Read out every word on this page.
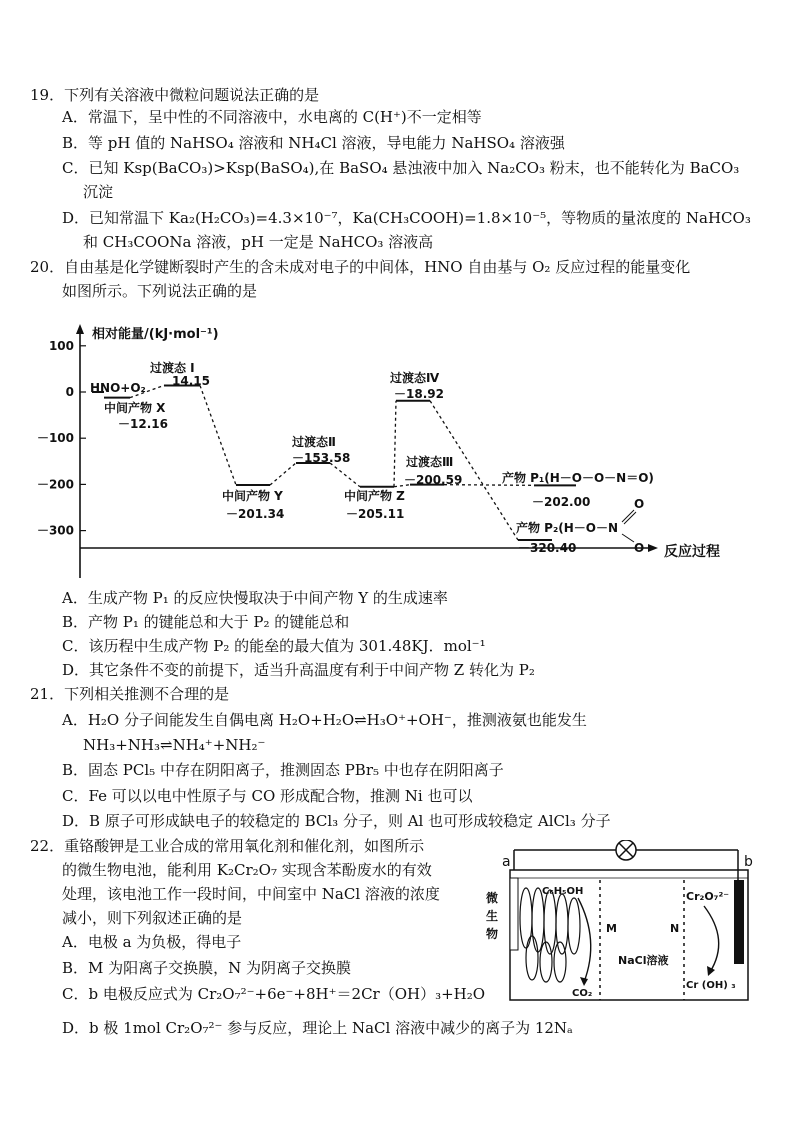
19．下列有关溶液中微粒问题说法正确的是
A．常温下，呈中性的不同溶液中，水电离的 C(H⁺)不一定相等
B．等 pH 值的 NaHSO₄ 溶液和 NH₄Cl 溶液，导电能力 NaHSO₄ 溶液强
C．已知 Ksp(BaCO₃)>Ksp(BaSO₄),在 BaSO₄ 悬浊液中加入 Na₂CO₃ 粉末，也不能转化为 BaCO₃
沉淀
D．已知常温下 Ka₂(H₂CO₃)=4.3×10⁻⁷，Ka(CH₃COOH)=1.8×10⁻⁵，等物质的量浓度的 NaHCO₃
和 CH₃COONa 溶液，pH 一定是 NaHCO₃ 溶液高
20．自由基是化学键断裂时产生的含未成对电子的中间体，HNO 自由基与 O₂ 反应过程的能量变化
如图所示。下列说法正确的是
相对能量/(kJ·mol⁻¹)
反应过程
100
0
－100
－200
－300
HNO+O₂
中间产物 X
－12.16
过渡态 I
14.15
中间产物 Y
－201.34
过渡态Ⅱ
－153.58
中间产物 Z
－205.11
过渡态Ⅳ
－18.92
过渡态Ⅲ
－200.59	产物 P₁(H－O－O－N＝O)
－202.00
产物 P₂(H－O－N
－320.40
O
O
A．生成产物 P₁ 的反应快慢取决于中间产物 Y 的生成速率
B．产物 P₁ 的键能总和大于 P₂ 的键能总和
C．该历程中生成产物 P₂ 的能垒的最大值为 301.48KJ．mol⁻¹
D．其它条件不变的前提下，适当升高温度有利于中间产物 Z 转化为 P₂
21．下列相关推测不合理的是
A．H₂O 分子间能发生自偶电离 H₂O+H₂O⇌H₃O⁺+OH⁻，推测液氨也能发生
NH₃+NH₃⇌NH₄⁺+NH₂⁻
B．固态 PCl₅ 中存在阴阳离子，推测固态 PBr₅ 中也存在阴阳离子
C．Fe 可以以电中性原子与 CO 形成配合物，推测 Ni 也可以
D．B 原子可形成缺电子的较稳定的 BCl₃ 分子，则 Al 也可形成较稳定 AlCl₃ 分子
22．重铬酸钾是工业合成的常用氧化剂和催化剂，如图所示
的微生物电池，能利用 K₂Cr₂O₇ 实现含苯酚废水的有效
处理，该电池工作一段时间，中间室中 NaCl 溶液的浓度
减小，则下列叙述正确的是
A．电极 a 为负极，得电子
B．M 为阳离子交换膜，N 为阴离子交换膜
C．b 电极反应式为 Cr₂O₇²⁻+6e⁻+8H⁺＝2Cr（OH）₃+H₂O
D．b 极 1mol Cr₂O₇²⁻ 参与反应，理论上 NaCl 溶液中减少的离子为 12Nₐ
a	b
M	N
微
生
物
C₆H₅OH
CO₂
NaCl溶液
Cr₂O₇²⁻
Cr (OH) ₃
